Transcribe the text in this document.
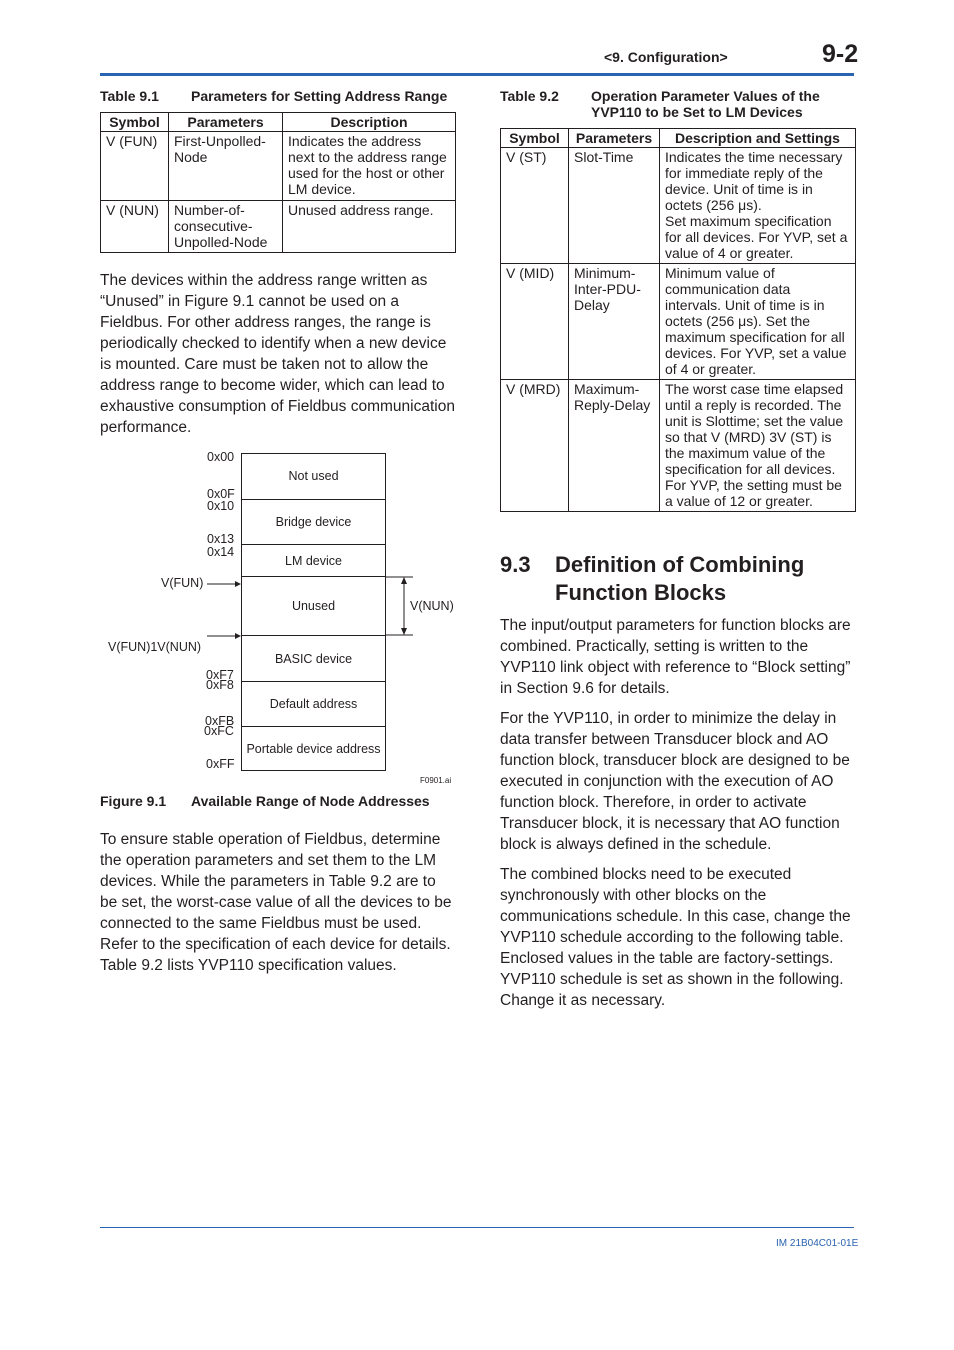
<9. Configuration>	9-2
Table 9.1 Parameters for Setting Address Range
Symbol	Parameters	Description
V (FUN)	First-Unpolled-Node	Indicates the address next to the address range used for the host or other LM device.
V (NUN)	Number-of-consecutive-Unpolled-Node	Unused address range.

The devices within the address range written as “Unused” in Figure 9.1 cannot be used on a Fieldbus. For other address ranges, the range is periodically checked to identify when a new device is mounted. Care must be taken not to allow the address range to become wider, which can lead to exhaustive consumption of Fieldbus communication performance.

Not used
Bridge device
LM device
Unused
BASIC device
Default address
Portable device address
0x00
0x0F
0x10
0x13
0x14
0xF7
0xF8
0xFB
0xFC
0xFF
V(FUN)
V(FUN)1V(NUN)
V(NUN)
F0901.ai
Figure 9.1 Available Range of Node Addresses

To ensure stable operation of Fieldbus, determine the operation parameters and set them to the LM devices. While the parameters in Table 9.2 are to be set, the worst-case value of all the devices to be connected to the same Fieldbus must be used. Refer to the specification of each device for details. Table 9.2 lists YVP110 specification values.

Table 9.2 Operation Parameter Values of the YVP110 to be Set to LM Devices
Symbol	Parameters	Description and Settings
V (ST)	Slot-Time	Indicates the time necessary for immediate reply of the device. Unit of time is in octets (256 μs).
Set maximum specification for all devices. For YVP, set a value of 4 or greater.
V (MID)	Minimum-Inter-PDU-Delay	Minimum value of communication data intervals. Unit of time is in octets (256 μs). Set the maximum specification for all devices. For YVP, set a value of 4 or greater.
V (MRD)	Maximum-Reply-Delay	The worst case time elapsed until a reply is recorded. The unit is Slottime; set the value so that V (MRD) 3V (ST) is the maximum value of the specification for all devices. For YVP, the setting must be a value of 12 or greater.
9.3 Definition of Combining Function Blocks

The input/output parameters for function blocks are combined. Practically, setting is written to the YVP110 link object with reference to “Block setting” in Section 9.6 for details.

For the YVP110, in order to minimize the delay in data transfer between Transducer block and AO function block, transducer block are designed to be executed in conjunction with the execution of AO function block. Therefore, in order to activate Transducer block, it is necessary that AO function block is always defined in the schedule.

The combined blocks need to be executed synchronously with other blocks on the communications schedule. In this case, change the YVP110 schedule according to the following table. Enclosed values in the table are factory-settings. YVP110 schedule is set as shown in the following. Change it as necessary.

IM 21B04C01-01E
